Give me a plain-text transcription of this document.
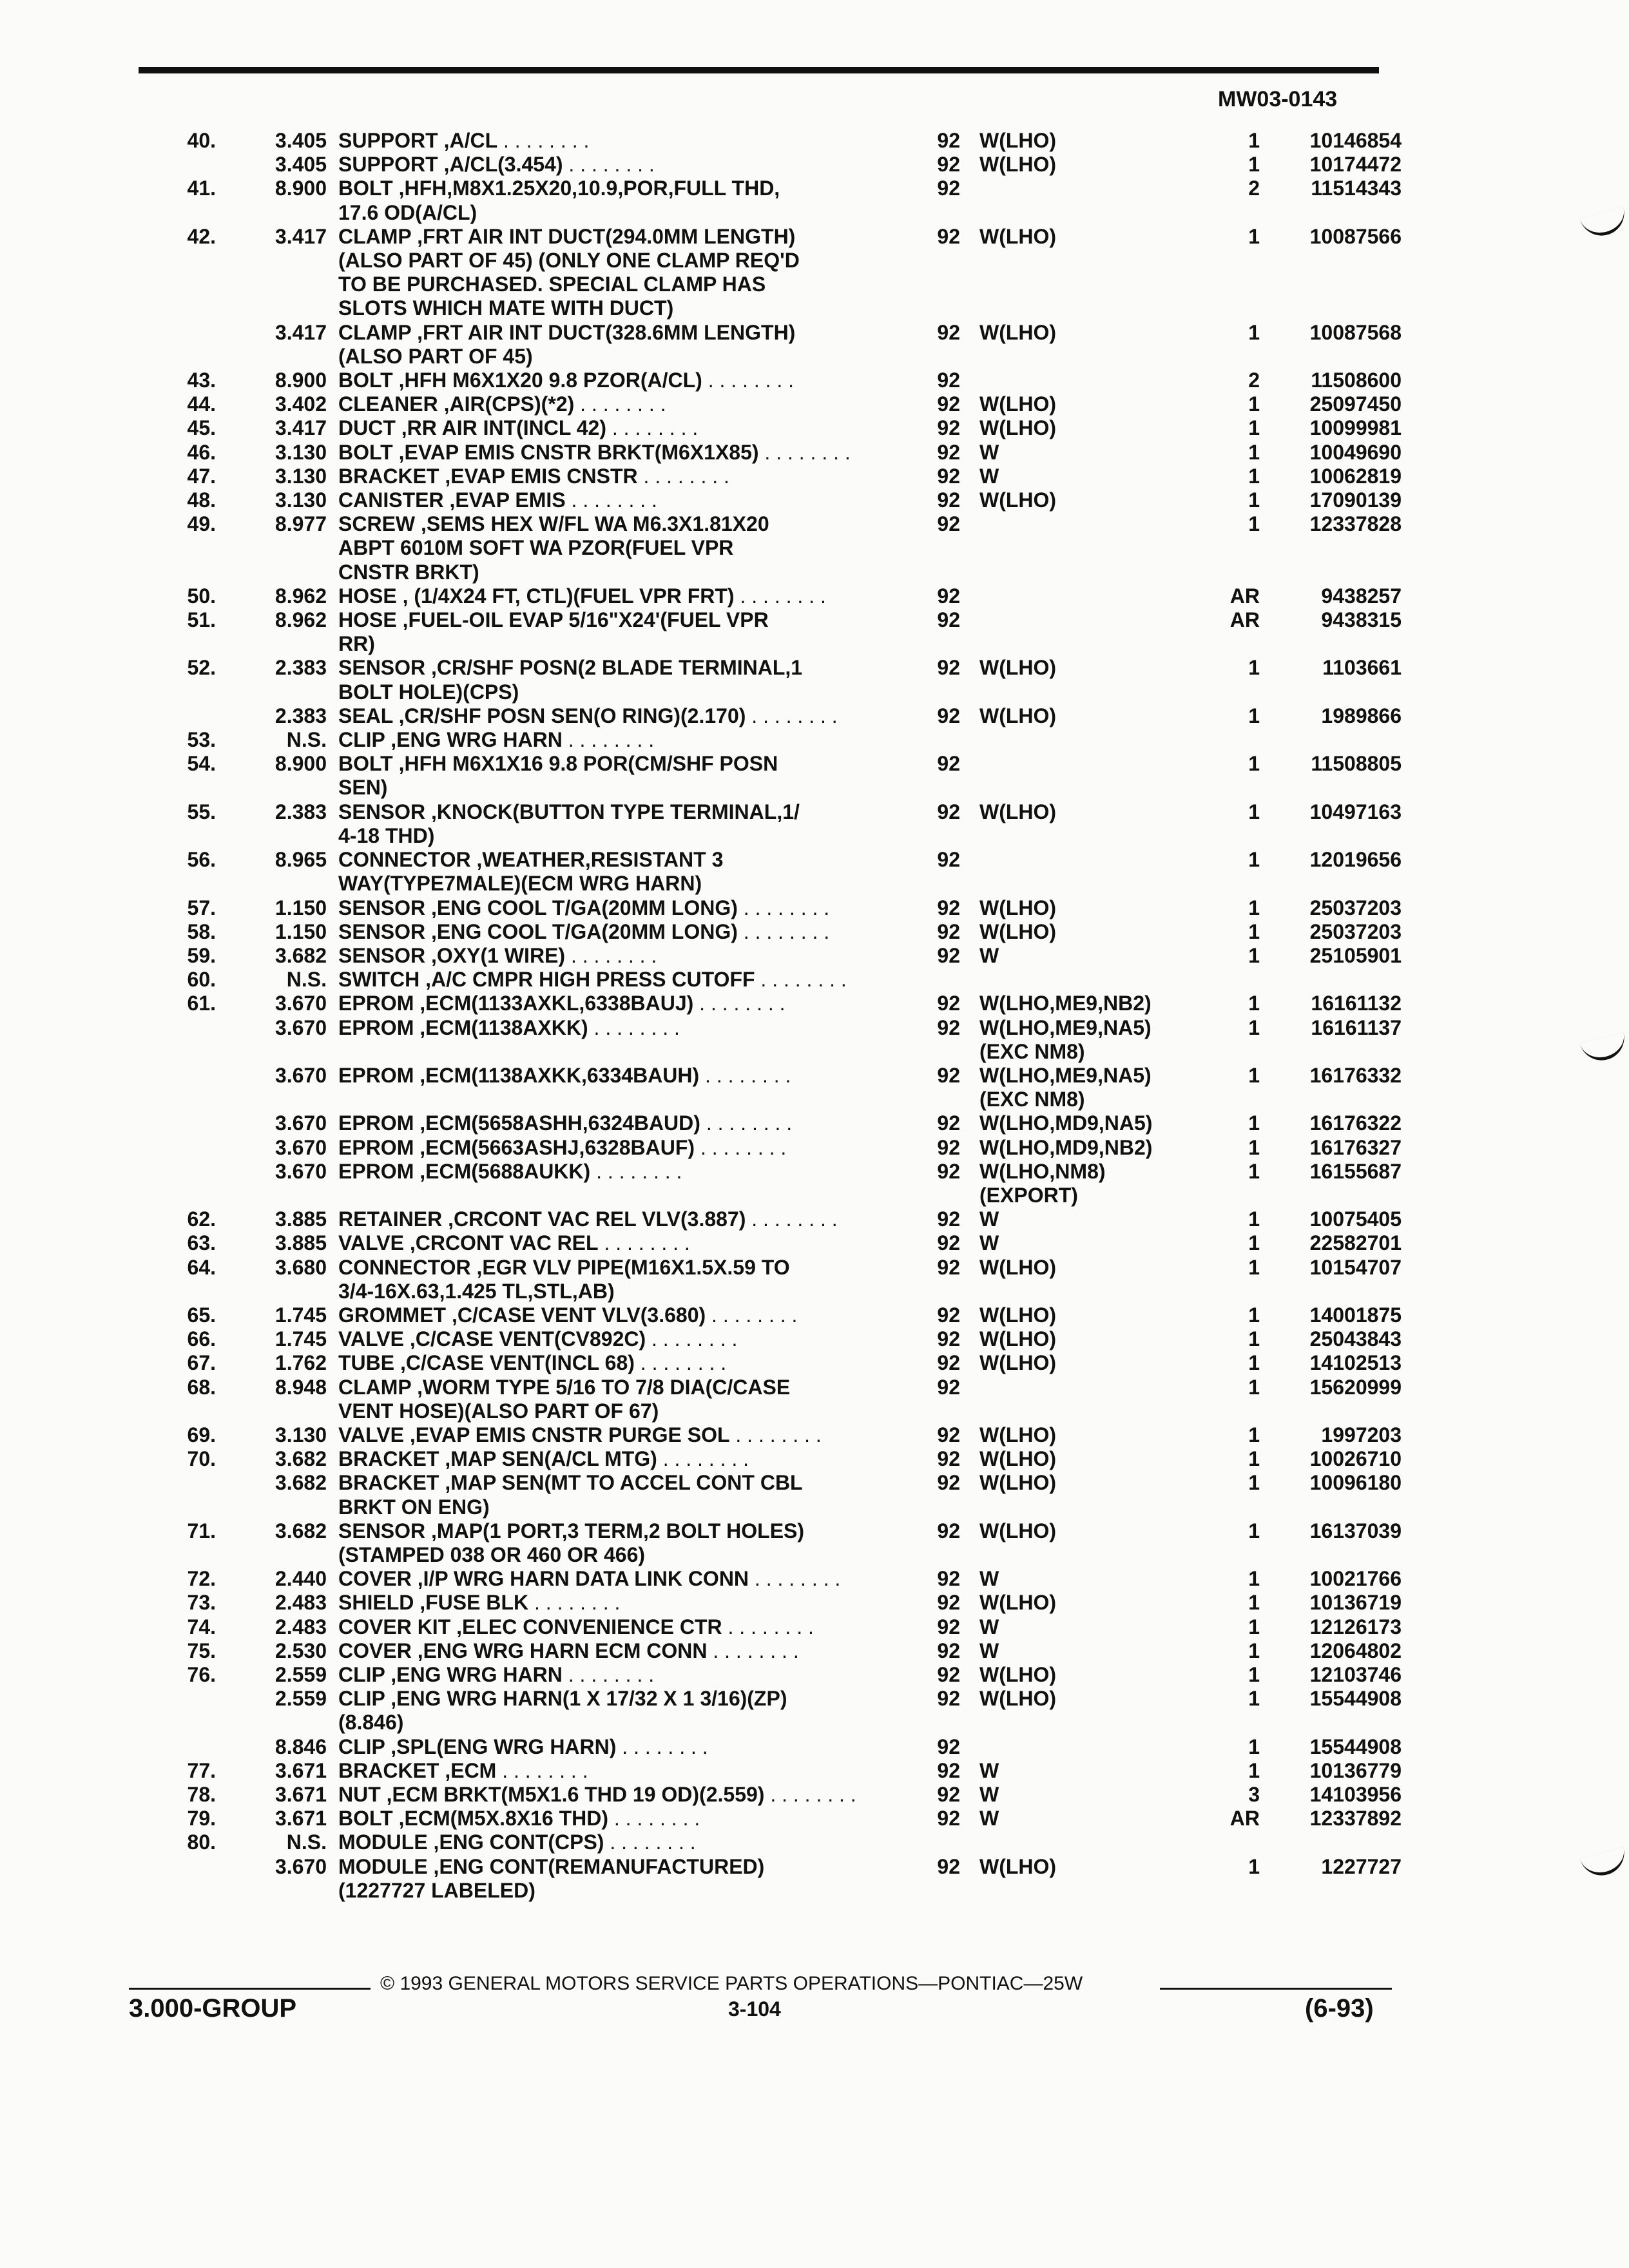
MW03-0143
40.	3.405 SUPPORT ,A/CL . . . . . . . .	92 W(LHO)	1	10146854
3.405 SUPPORT ,A/CL(3.454) . . . . . . . .	92 W(LHO)	1	10174472
41.	8.900 BOLT ,HFH,M8X1.25X20,10.9,POR,FULL THD,
17.6 OD(A/CL)
92	2	11514343
42.	3.417 CLAMP ,FRT AIR INT DUCT(294.0MM LENGTH)
(ALSO PART OF 45) (ONLY ONE CLAMP REQ'D
TO BE PURCHASED. SPECIAL CLAMP HAS
SLOTS WHICH MATE WITH DUCT)
92 W(LHO)	1	10087566
3.417 CLAMP ,FRT AIR INT DUCT(328.6MM LENGTH)
(ALSO PART OF 45)
92 W(LHO)	1	10087568
43.	8.900 BOLT ,HFH M6X1X20 9.8 PZOR(A/CL) . . . . . . . .	92	2	11508600
44.	3.402 CLEANER ,AIR(CPS)(*2) . . . . . . . .	92 W(LHO)	1	25097450
45.	3.417 DUCT ,RR AIR INT(INCL 42) . . . . . . . .	92 W(LHO)	1	10099981
46.	3.130 BOLT ,EVAP EMIS CNSTR BRKT(M6X1X85) . . . . . . . .	92 W	1	10049690
47.	3.130 BRACKET ,EVAP EMIS CNSTR . . . . . . . .	92 W	1	10062819
48.	3.130 CANISTER ,EVAP EMIS . . . . . . . .	92 W(LHO)	1	17090139
49.	8.977 SCREW ,SEMS HEX W/FL WA M6.3X1.81X20
ABPT 6010M SOFT WA PZOR(FUEL VPR
CNSTR BRKT)
92	1	12337828
50.	8.962 HOSE , (1/4X24 FT, CTL)(FUEL VPR FRT) . . . . . . . .	92	AR	9438257
51.	8.962 HOSE ,FUEL-OIL EVAP 5/16"X24'(FUEL VPR
RR)
92	AR	9438315
52.	2.383 SENSOR ,CR/SHF POSN(2 BLADE TERMINAL,1
BOLT HOLE)(CPS)
92 W(LHO)	1	1103661
2.383 SEAL ,CR/SHF POSN SEN(O RING)(2.170) . . . . . . . .	92 W(LHO)	1	1989866
53.	N.S. CLIP ,ENG WRG HARN . . . . . . . .
54.	8.900 BOLT ,HFH M6X1X16 9.8 POR(CM/SHF POSN
SEN)
92	1	11508805
55.	2.383 SENSOR ,KNOCK(BUTTON TYPE TERMINAL,1/
4-18 THD)
92 W(LHO)	1	10497163
56.	8.965 CONNECTOR ,WEATHER,RESISTANT 3
WAY(TYPE7MALE)(ECM WRG HARN)
92	1	12019656
57.	1.150 SENSOR ,ENG COOL T/GA(20MM LONG) . . . . . . . .	92 W(LHO)	1	25037203
58.	1.150 SENSOR ,ENG COOL T/GA(20MM LONG) . . . . . . . .	92 W(LHO)	1	25037203
59.	3.682 SENSOR ,OXY(1 WIRE) . . . . . . . .	92 W	1	25105901
60.	N.S. SWITCH ,A/C CMPR HIGH PRESS CUTOFF . . . . . . . .
61.	3.670 EPROM ,ECM(1133AXKL,6338BAUJ) . . . . . . . .	92 W(LHO,ME9,NB2)	1	16161132
3.670 EPROM ,ECM(1138AXKK) . . . . . . . .	92 W(LHO,ME9,NA5)
(EXC NM8)
1	16161137
3.670 EPROM ,ECM(1138AXKK,6334BAUH) . . . . . . . .	92 W(LHO,ME9,NA5)
(EXC NM8)
1	16176332
3.670 EPROM ,ECM(5658ASHH,6324BAUD) . . . . . . . .	92 W(LHO,MD9,NA5)	1	16176322
3.670 EPROM ,ECM(5663ASHJ,6328BAUF) . . . . . . . .	92 W(LHO,MD9,NB2)	1	16176327
3.670 EPROM ,ECM(5688AUKK) . . . . . . . .	92 W(LHO,NM8)
(EXPORT)
1	16155687
62.	3.885 RETAINER ,CRCONT VAC REL VLV(3.887) . . . . . . . .	92 W	1	10075405
63.	3.885 VALVE ,CRCONT VAC REL . . . . . . . .	92 W	1	22582701
64.	3.680 CONNECTOR ,EGR VLV PIPE(M16X1.5X.59 TO
3/4-16X.63,1.425 TL,STL,AB)
92 W(LHO)	1	10154707
65.	1.745 GROMMET ,C/CASE VENT VLV(3.680) . . . . . . . .	92 W(LHO)	1	14001875
66.	1.745 VALVE ,C/CASE VENT(CV892C) . . . . . . . .	92 W(LHO)	1	25043843
67.	1.762 TUBE ,C/CASE VENT(INCL 68) . . . . . . . .	92 W(LHO)	1	14102513
68.	8.948 CLAMP ,WORM TYPE 5/16 TO 7/8 DIA(C/CASE
VENT HOSE)(ALSO PART OF 67)
92	1	15620999
69.	3.130 VALVE ,EVAP EMIS CNSTR PURGE SOL . . . . . . . .	92 W(LHO)	1	1997203
70.	3.682 BRACKET ,MAP SEN(A/CL MTG) . . . . . . . .	92 W(LHO)	1	10026710
3.682 BRACKET ,MAP SEN(MT TO ACCEL CONT CBL
BRKT ON ENG)
92 W(LHO)	1	10096180
71.	3.682 SENSOR ,MAP(1 PORT,3 TERM,2 BOLT HOLES)
(STAMPED 038 OR 460 OR 466)
92 W(LHO)	1	16137039
72.	2.440 COVER ,I/P WRG HARN DATA LINK CONN . . . . . . . .	92 W	1	10021766
73.	2.483 SHIELD ,FUSE BLK . . . . . . . .	92 W(LHO)	1	10136719
74.	2.483 COVER KIT ,ELEC CONVENIENCE CTR . . . . . . . .	92 W	1	12126173
75.	2.530 COVER ,ENG WRG HARN ECM CONN . . . . . . . .	92 W	1	12064802
76.	2.559 CLIP ,ENG WRG HARN . . . . . . . .	92 W(LHO)	1	12103746
2.559 CLIP ,ENG WRG HARN(1 X 17/32 X 1 3/16)(ZP)
(8.846)
92 W(LHO)	1	15544908
8.846 CLIP ,SPL(ENG WRG HARN) . . . . . . . .	92	1	15544908
77.	3.671 BRACKET ,ECM . . . . . . . .	92 W	1	10136779
78.	3.671 NUT ,ECM BRKT(M5X1.6 THD 19 OD)(2.559) . . . . . . . .	92 W	3	14103956
79.	3.671 BOLT ,ECM(M5X.8X16 THD) . . . . . . . .	92 W	AR	12337892
80.	N.S. MODULE ,ENG CONT(CPS) . . . . . . . .
3.670 MODULE ,ENG CONT(REMANUFACTURED)
(1227727 LABELED)
92 W(LHO)	1	1227727
© 1993 GENERAL MOTORS SERVICE PARTS OPERATIONS—PONTIAC—25W
3.000-GROUP	3-104	(6-93)
